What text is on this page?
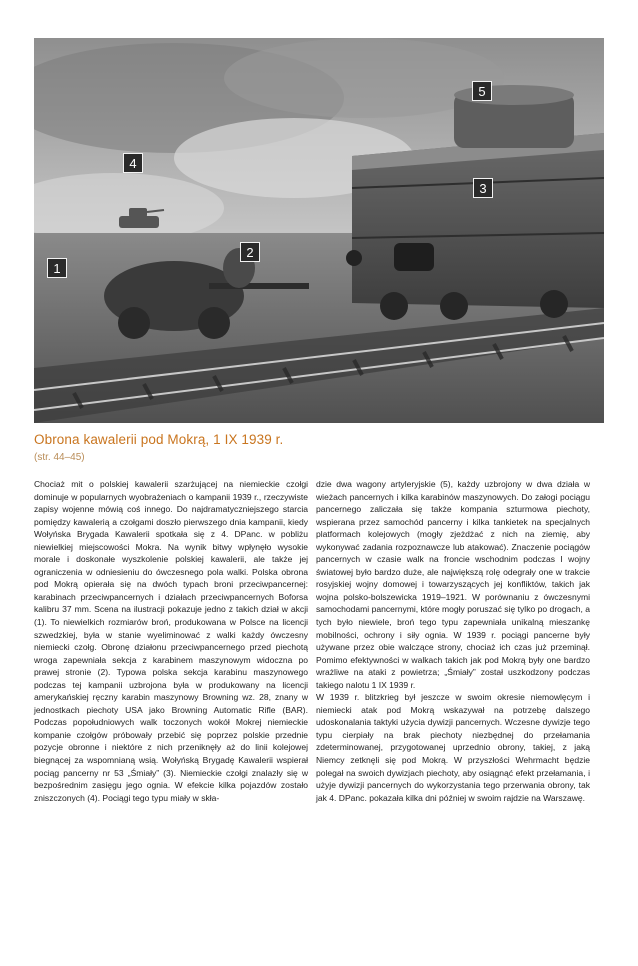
1
2
3
4
5
Obrona kawalerii pod Mokrą, 1 IX 1939 r.
(str. 44–45)

Chociaż mit o polskiej kawalerii szarżującej na niemieckie czołgi dominuje w popularnych wyobrażeniach o kampanii 1939 r., rzeczywiste zapisy wojenne mówią coś innego. Do najdramatyczniejszego starcia pomiędzy kawalerią a czołgami doszło pierwszego dnia kampanii, kiedy Wołyńska Brygada Kawalerii spotkała się z 4. DPanc. w pobliżu niewielkiej miejscowości Mokra. Na wynik bitwy wpłynęło wysokie morale i doskonałe wyszkolenie polskiej kawalerii, ale także jej ograniczenia w odniesieniu do ówczesnego pola walki. Polska obrona pod Mokrą opierała się na dwóch typach broni przeciwpancernej: karabinach przeciwpancernych i działach przeciwpancernych Boforsa kalibru 37 mm. Scena na ilustracji pokazuje jedno z takich dział w akcji (1). To niewielkich rozmiarów broń, produkowana w Polsce na licencji szwedzkiej, była w stanie wyeliminować z walki każdy ówczesny niemiecki czołg. Obronę działonu przeciwpancernego przed piechotą wroga zapewniała sekcja z karabinem maszynowym widoczna po prawej stronie (2). Typowa polska sekcja karabinu maszynowego podczas tej kampanii uzbrojona była w produkowany na licencji amerykańskiej ręczny karabin maszynowy Browning wz. 28, znany w jednostkach piechoty USA jako Browning Automatic Rifle (BAR). Podczas popołudniowych walk toczonych wokół Mokrej niemieckie kompanie czołgów próbowały przebić się poprzez polskie przednie pozycje obronne i niektóre z nich przeniknęły aż do linii kolejowej biegnącej za wspomnianą wsią. Wołyńską Brygadę Kawalerii wspierał pociąg pancerny nr 53 „Śmiały” (3). Niemieckie czołgi znalazły się w bezpośrednim zasięgu jego ognia. W efekcie kilka pojazdów zostało zniszczonych (4). Pociągi tego typu miały w skła-

dzie dwa wagony artyleryjskie (5), każdy uzbrojony w dwa działa w wieżach pancernych i kilka karabinów maszynowych. Do załogi pociągu pancernego zaliczała się także kompania szturmowa piechoty, wspierana przez samochód pancerny i kilka tankietek na specjalnych platformach kolejowych (mogły zjeżdżać z nich na ziemię, aby wykonywać zadania rozpoznawcze lub atakować). Znaczenie pociągów pancernych w czasie walk na froncie wschodnim podczas I wojny światowej było bardzo duże, ale największą rolę odegrały one w trakcie rosyjskiej wojny domowej i towarzyszących jej konfliktów, takich jak wojna polsko-bolszewicka 1919–1921. W porównaniu z ówczesnymi samochodami pancernymi, które mogły poruszać się tylko po drogach, a tych było niewiele, broń tego typu zapewniała unikalną mieszankę mobilności, ochrony i siły ognia. W 1939 r. pociągi pancerne były używane przez obie walczące strony, chociaż ich czas już przeminął. Pomimo efektywności w walkach takich jak pod Mokrą były one bardzo wrażliwe na ataki z powietrza; „Śmiały” został uszkodzony podczas takiego nalotu 1 IX 1939 r.

W 1939 r. blitzkrieg był jeszcze w swoim okresie niemowlęcym i niemiecki atak pod Mokrą wskazywał na potrzebę dalszego udoskonalania taktyki użycia dywizji pancernych. Wczesne dywizje tego typu cierpiały na brak piechoty niezbędnej do przełamania zdeterminowanej, przygotowanej uprzednio obrony, takiej, z jaką Niemcy zetknęli się pod Mokrą. W przyszłości Wehrmacht będzie polegał na swoich dywizjach piechoty, aby osiągnąć efekt przełamania, i użyje dywizji pancernych do wykorzystania tego przerwania obrony, tak jak 4. DPanc. pokazała kilka dni później w swoim rajdzie na Warszawę.
